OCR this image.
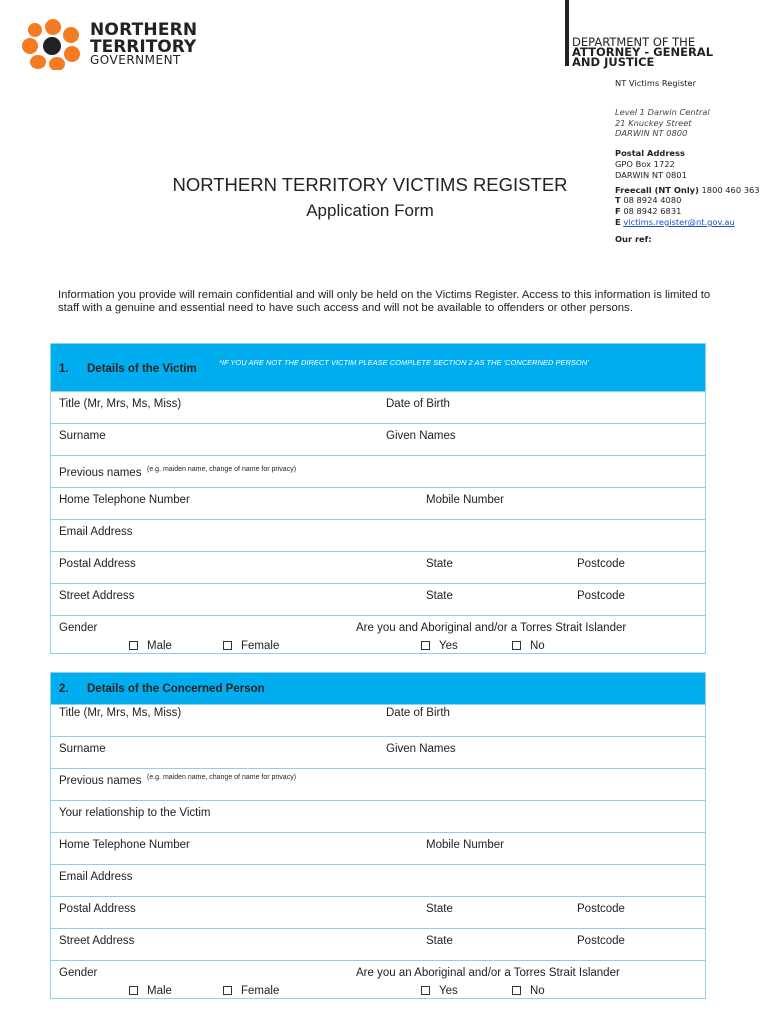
NORTHERN
TERRITORY
GOVERNMENT
DEPARTMENT OF THE
ATTORNEY - GENERAL
AND JUSTICE
NT Victims Register
Level 1 Darwin Central
21 Knuckey Street
DARWIN NT 0800
Postal Address
GPO Box 1722
DARWIN NT 0801
Freecall (NT Only) 1800 460 363
T 08 8924 4080
F 08 8942 6831
E victims.register@nt.gov.au
Our ref:
NORTHERN TERRITORY VICTIMS REGISTER
Application Form
Information you provide will remain confidential and will only be held on the Victims Register. Access to this information is limited to staff with a genuine and essential need to have such access and will not be available to offenders or other persons.
1. Details of the Victim
*IF YOU ARE NOT THE DIRECT VICTIM PLEASE COMPLETE SECTION 2 AS THE 'CONCERNED PERSON'
Title (Mr, Mrs, Ms, Miss)	Date of Birth
Surname	Given Names
Previous names (e.g. maiden name, change of name for privacy)
Home Telephone Number	Mobile Number
Email Address
Postal Address	State	Postcode
Street Address	State	Postcode
Gender	Are you and Aboriginal and/or a Torres Strait Islander
Male	Female	Yes	No
2. Details of the Concerned Person
Title (Mr, Mrs, Ms, Miss)	Date of Birth
Surname	Given Names
Previous names (e.g. maiden name, change of name for privacy)
Your relationship to the Victim
Home Telephone Number	Mobile Number
Email Address
Postal Address	State	Postcode
Street Address	State	Postcode
Gender	Are you an Aboriginal and/or a Torres Strait Islander
Male	Female	Yes	No
